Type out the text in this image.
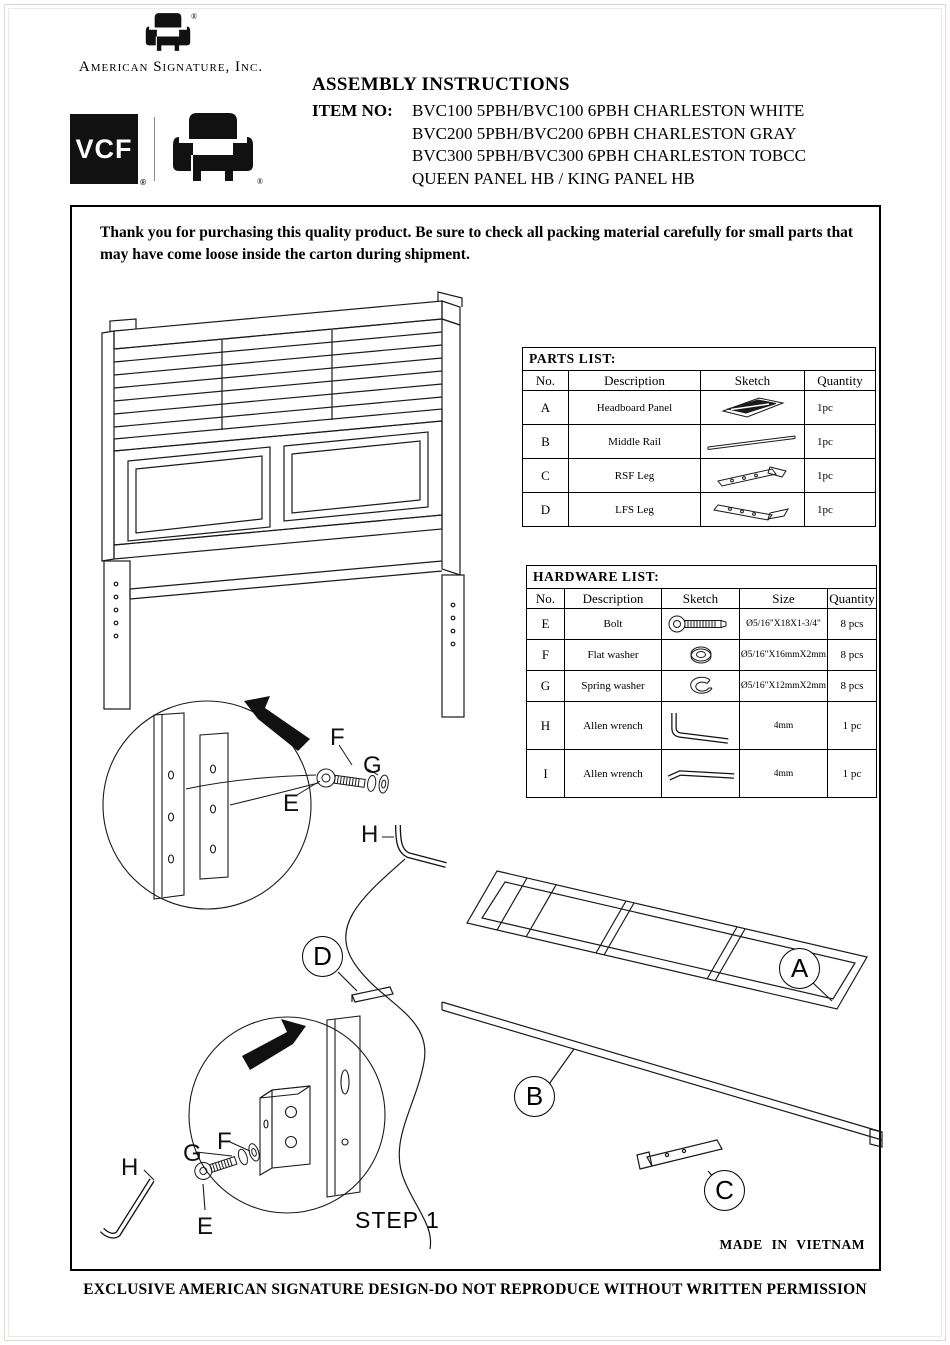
®
American Signature, Inc.
VCF
®	®
ASSEMBLY INSTRUCTIONS
ITEM NO: BVC100 5PBH/BVC100 6PBH CHARLESTON WHITE
BVC200 5PBH/BVC200 6PBH CHARLESTON GRAY
BVC300 5PBH/BVC300 6PBH CHARLESTON TOBCC
QUEEN PANEL HB / KING PANEL HB

Thank you for purchasing this quality product. Be sure to check all packing material carefully for small parts that may have come loose inside the carton during shipment.

PARTS LIST:			
No.	Description	Sketch	Quantity
A	Headboard Panel		1pc
B	Middle Rail		1pc
C	RSF Leg		1pc
D	LFS Leg		1pc
HARDWARE LIST:				
No.	Description	Sketch	Size	Quantity
E	Bolt		Ø5/16"X18X1-3/4"	8 pcs
F	Flat washer		Ø5/16"X16mmX2mm	8 pcs
G	Spring washer		Ø5/16"X12mmX2mm	8 pcs
H	Allen wrench		4mm	1 pc
I	Allen wrench		4mm	1 pc
F
G
E
H
D	A
B
C
H
G F
E	STEP 1
MADE IN VIETNAM
EXCLUSIVE AMERICAN SIGNATURE DESIGN-DO NOT REPRODUCE WITHOUT WRITTEN PERMISSION
